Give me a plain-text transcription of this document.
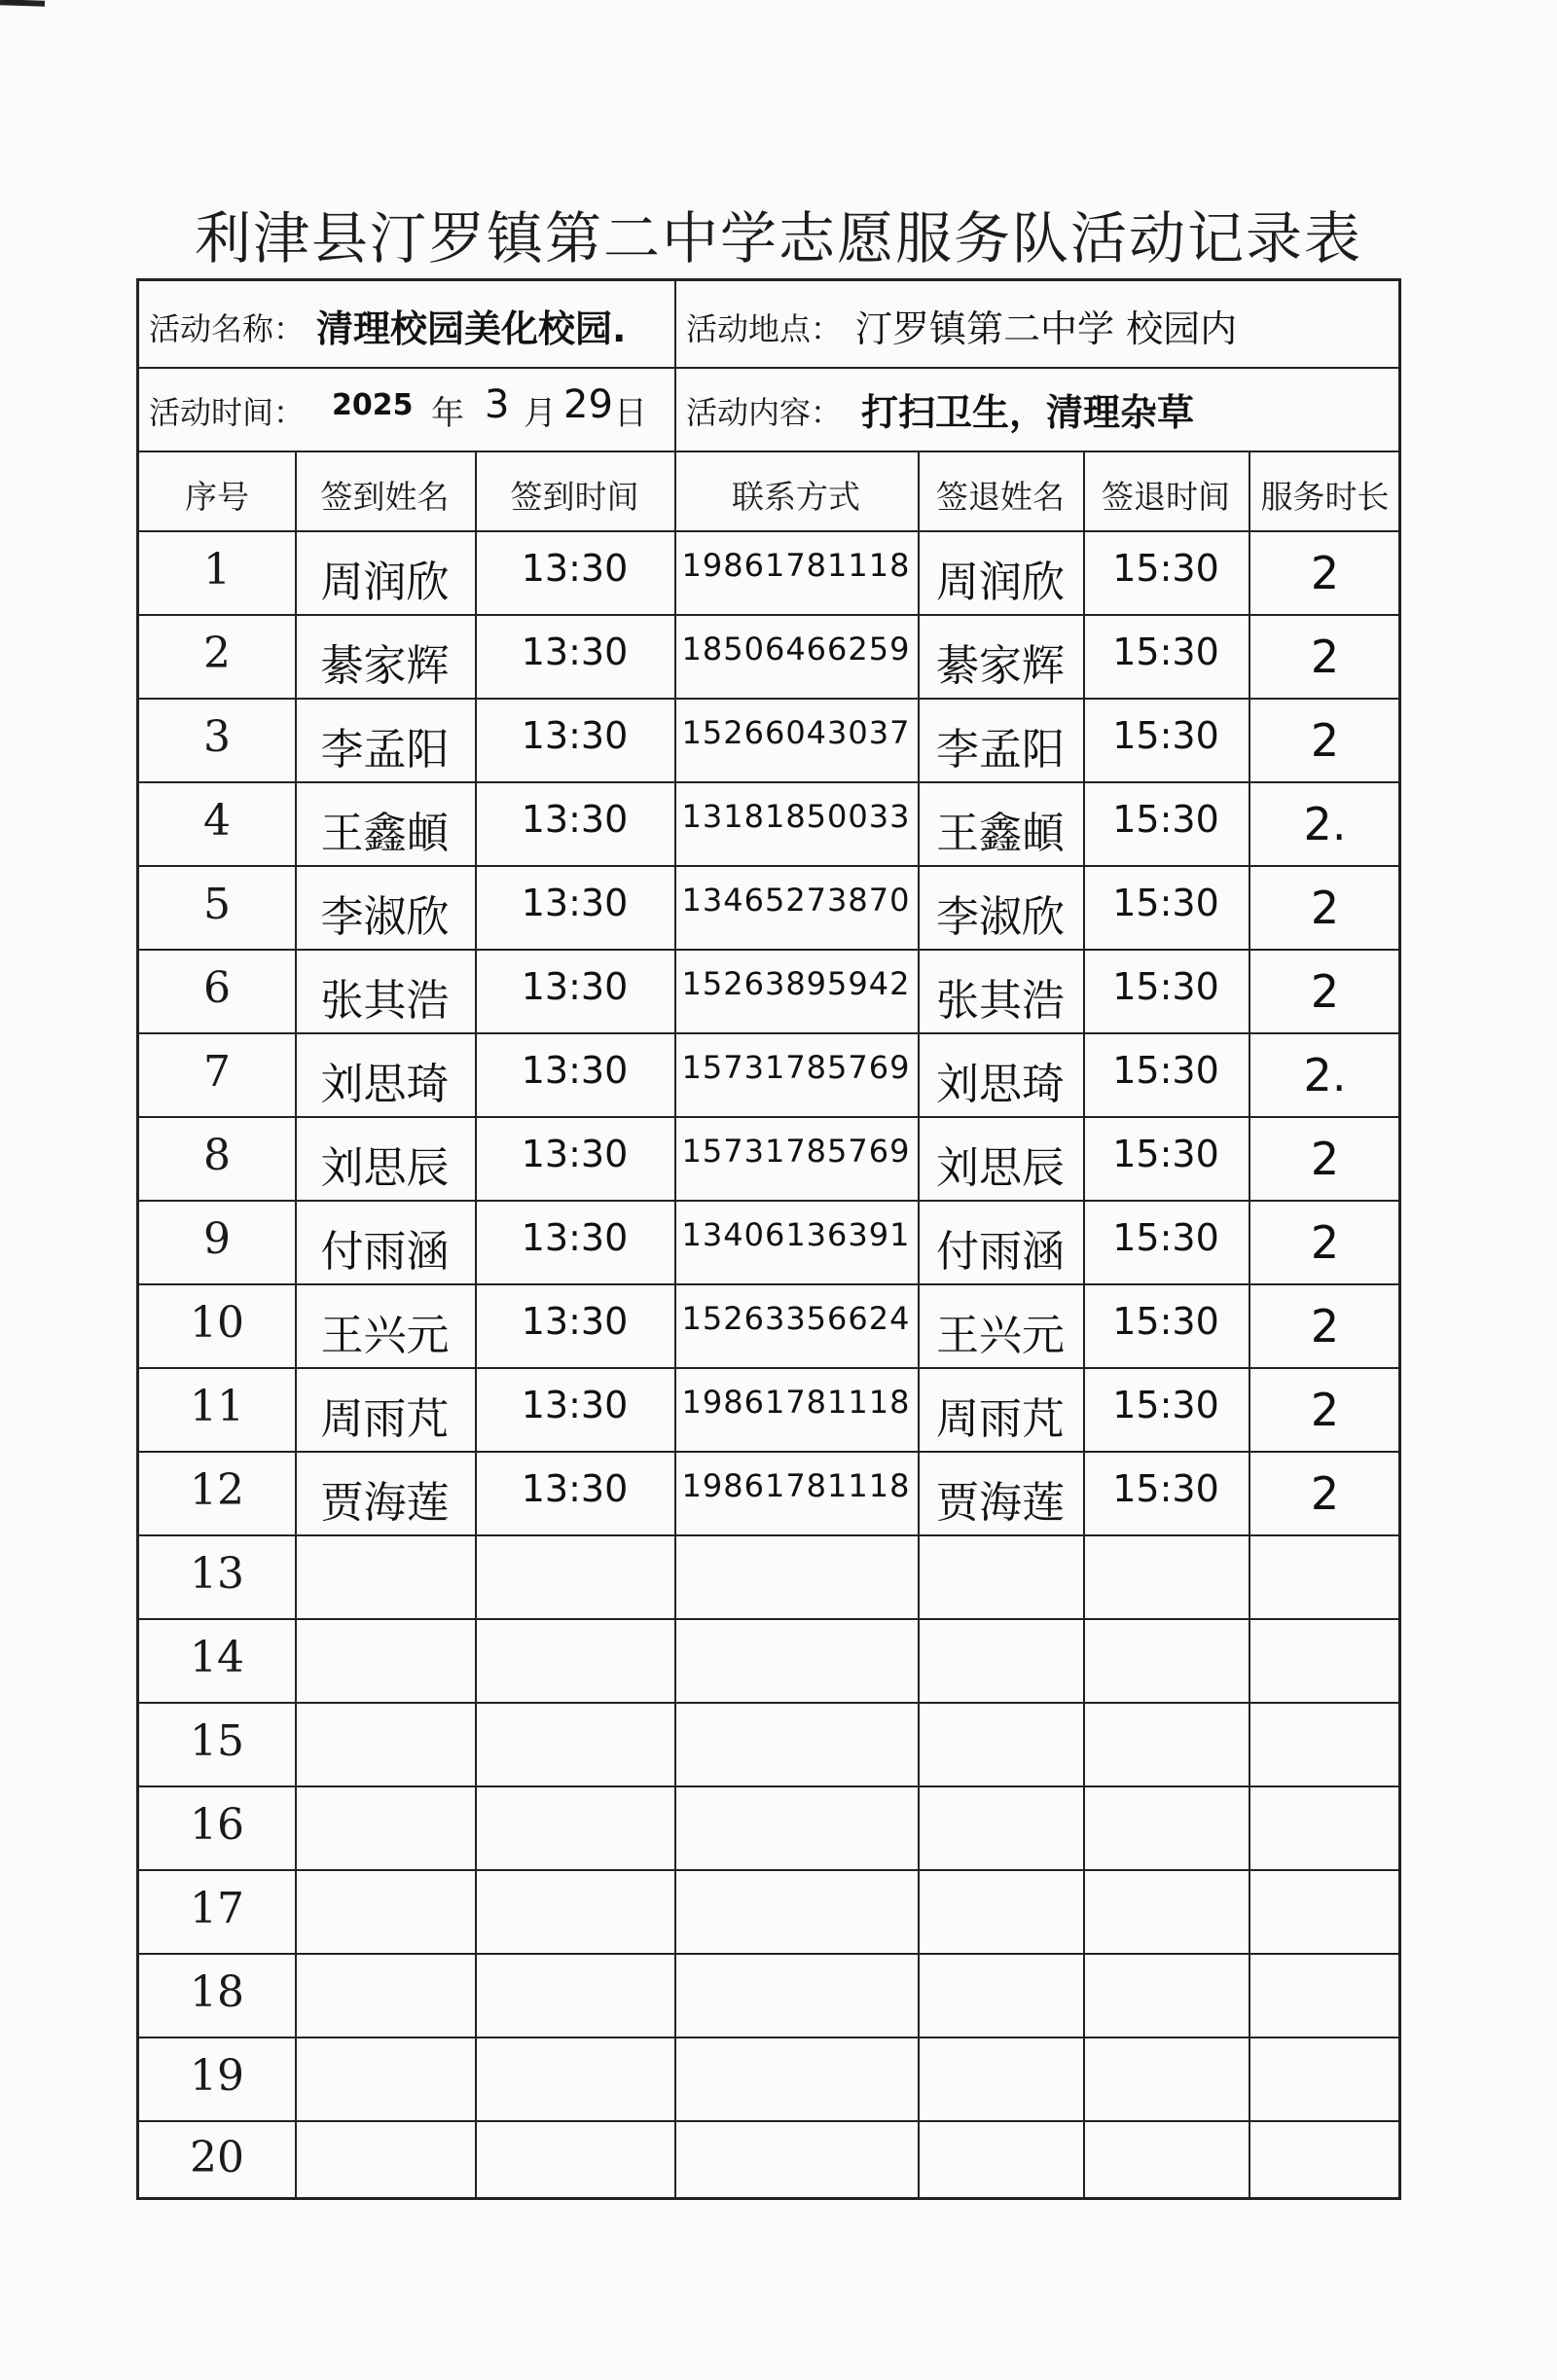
利津县汀罗镇第二中学志愿服务队活动记录表
活动名称： 清理校园美化校园. 活动地点： 汀罗镇第二中学 校园内
活动时间： 2025 年 3 月 29 日 活动内容： 打扫卫生，清理杂草
序号	签到姓名	签到时间	联系方式	签退姓名	签退时间 服务时长
1	周润欣	13:30	19861781118 周润欣	15:30	2
2	綦家辉	13:30	18506466259 綦家辉	15:30	2
3	李孟阳	13:30	15266043037 李孟阳	15:30	2
4	王鑫頔	13:30	13181850033 王鑫頔	15:30	2.
5	李淑欣	13:30	13465273870 李淑欣	15:30	2
6	张其浩	13:30	15263895942 张其浩	15:30	2
7	刘思琦	13:30	15731785769 刘思琦	15:30	2.
8	刘思辰	13:30	15731785769 刘思辰	15:30	2
9	付雨涵	13:30	13406136391 付雨涵	15:30	2
10	王兴元	13:30	15263356624 王兴元	15:30	2
11	周雨芃	13:30	19861781118 周雨芃	15:30	2
12	贾海莲	13:30	19861781118 贾海莲	15:30	2
13
14
15
16
17
18
19
20
